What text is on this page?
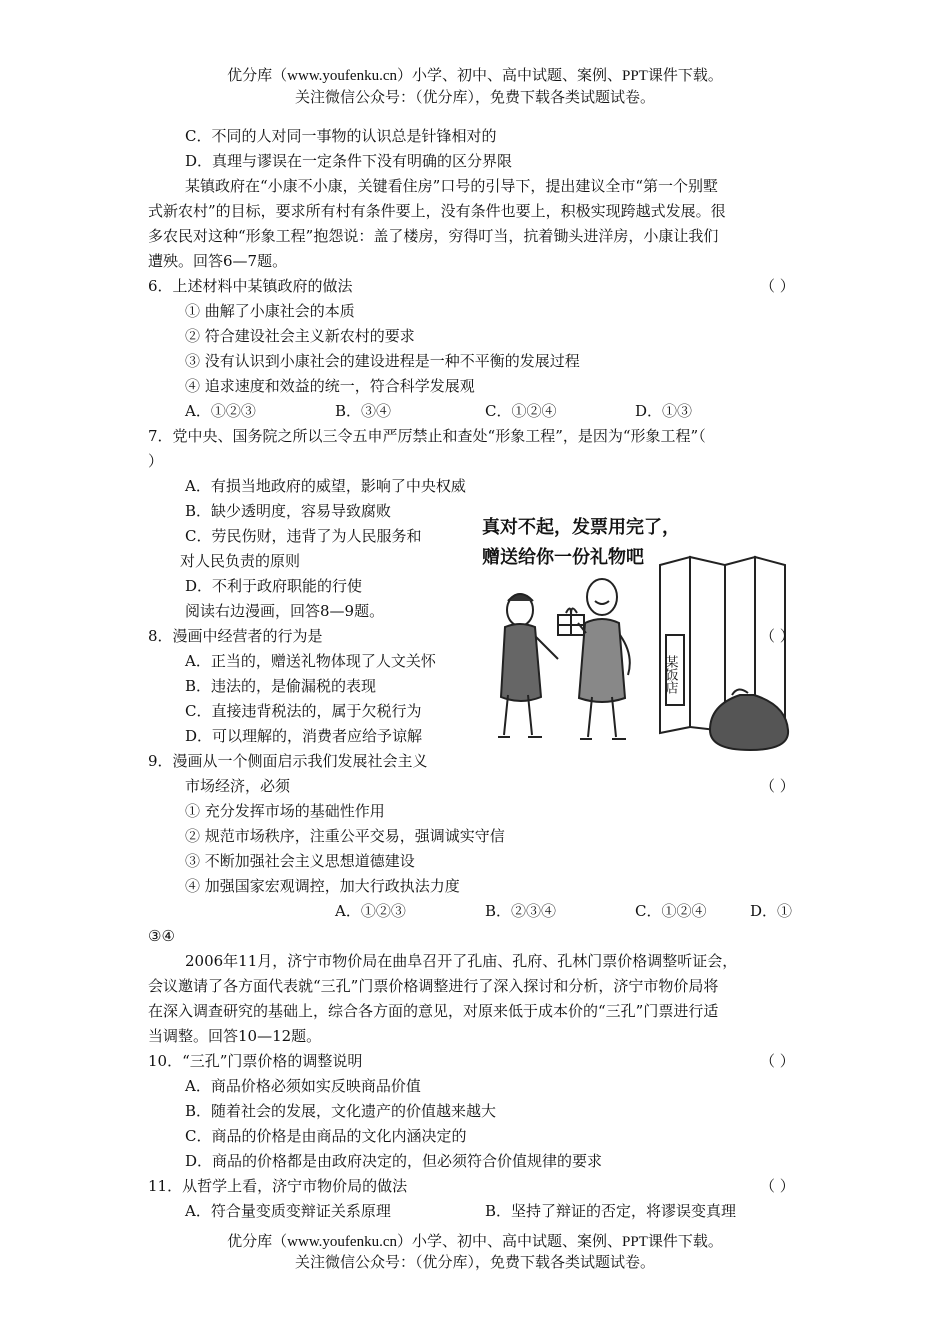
优分库（www.youfenku.cn）小学、初中、高中试题、案例、PPT课件下载。
关注微信公众号：（优分库），免费下载各类试题试卷。
C．不同的人对同一事物的认识总是针锋相对的
D．真理与谬误在一定条件下没有明确的区分界限
某镇政府在“小康不小康，关键看住房”口号的引导下，提出建议全市“第一个别墅
式新农村”的目标，要求所有村有条件要上，没有条件也要上，积极实现跨越式发展。很
多农民对这种“形象工程”抱怨说：盖了楼房，穷得叮当，抗着锄头进洋房，小康让我们
遭殃。回答6—7题。
6．上述材料中某镇政府的做法	（ ）
① 曲解了小康社会的本质
② 符合建设社会主义新农村的要求
③ 没有认识到小康社会的建设进程是一种不平衡的发展过程
④ 追求速度和效益的统一，符合科学发展观
A．①②③	B．③④	C．①②④	D．①③
7．党中央、国务院之所以三令五申严厉禁止和查处“形象工程”，是因为“形象工程”（
）
A．有损当地政府的威望，影响了中央权威
B．缺少透明度，容易导致腐败
C．劳民伤财，违背了为人民服务和
对人民负责的原则
D．不利于政府职能的行使
阅读右边漫画，回答8—9题。
真对不起，发票用完了，
赠送给你一份礼物吧
某饭店
8．漫画中经营者的行为是	（ ）
A．正当的，赠送礼物体现了人文关怀
B．违法的，是偷漏税的表现
C．直接违背税法的，属于欠税行为
D．可以理解的，消费者应给予谅解
9．漫画从一个侧面启示我们发展社会主义
市场经济，必须	（ ）
① 充分发挥市场的基础性作用
② 规范市场秩序，注重公平交易，强调诚实守信
③ 不断加强社会主义思想道德建设
④ 加强国家宏观调控，加大行政执法力度
A．①②③	B．②③④	C．①②④	D．①
③④
2006年11月，济宁市物价局在曲阜召开了孔庙、孔府、孔林门票价格调整听证会，
会议邀请了各方面代表就“三孔”门票价格调整进行了深入探讨和分析，济宁市物价局将
在深入调查研究的基础上，综合各方面的意见，对原来低于成本价的“三孔”门票进行适
当调整。回答10—12题。
10．“三孔”门票价格的调整说明	（ ）
A．商品价格必须如实反映商品价值
B．随着社会的发展，文化遗产的价值越来越大
C．商品的价格是由商品的文化内涵决定的
D．商品的价格都是由政府决定的，但必须符合价值规律的要求
11．从哲学上看，济宁市物价局的做法	（ ）
A．符合量变质变辩证关系原理	B．坚持了辩证的否定，将谬误变真理
优分库（www.youfenku.cn）小学、初中、高中试题、案例、PPT课件下载。
关注微信公众号：（优分库），免费下载各类试题试卷。
